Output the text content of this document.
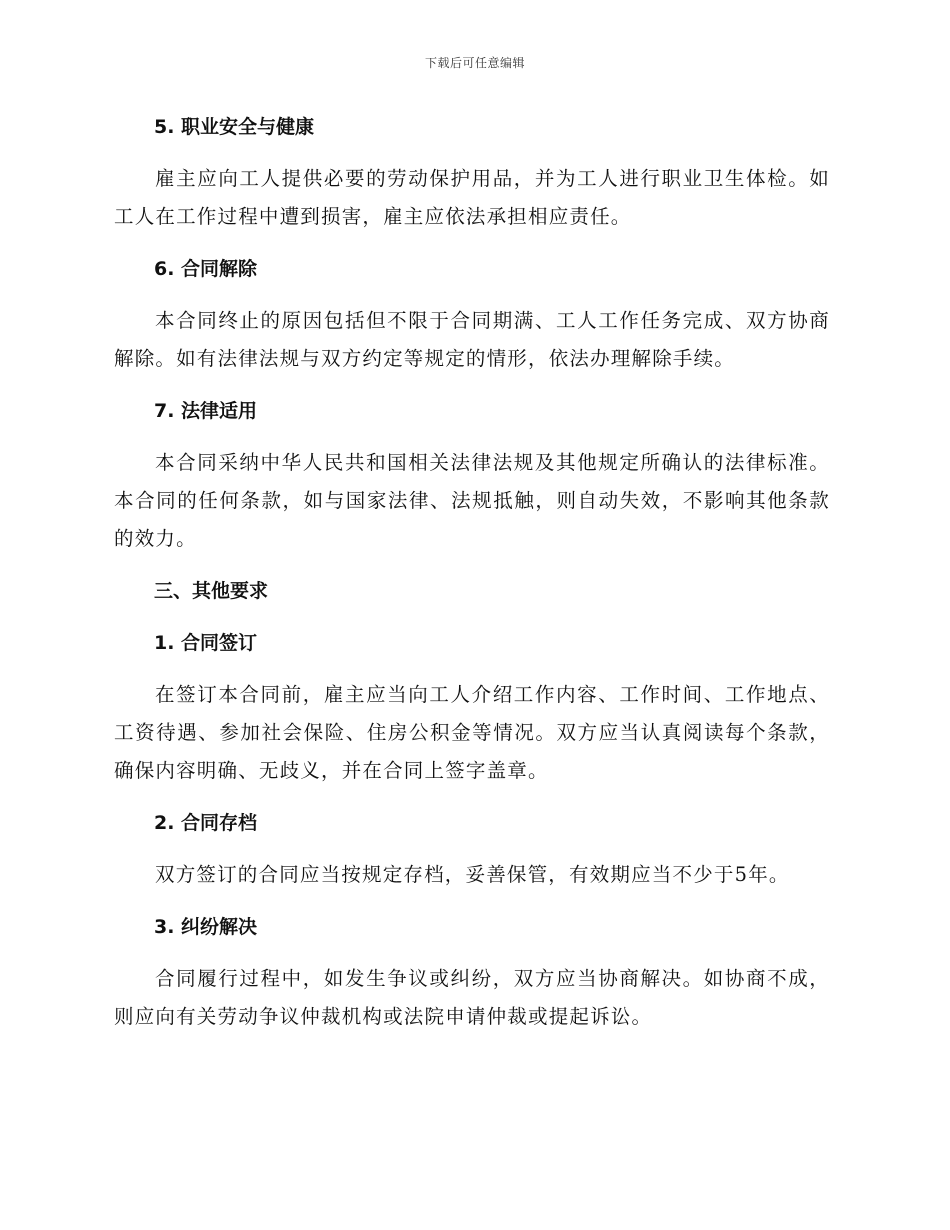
下载后可任意编辑

5. 职业安全与健康

雇主应向工人提供必要的劳动保护用品，并为工人进行职业卫生体检。如工人在工作过程中遭到损害，雇主应依法承担相应责任。

6. 合同解除

本合同终止的原因包括但不限于合同期满、工人工作任务完成、双方协商解除。如有法律法规与双方约定等规定的情形，依法办理解除手续。

7. 法律适用

本合同采纳中华人民共和国相关法律法规及其他规定所确认的法律标准。本合同的任何条款，如与国家法律、法规抵触，则自动失效，不影响其他条款的效力。

三、其他要求

1. 合同签订

在签订本合同前，雇主应当向工人介绍工作内容、工作时间、工作地点、工资待遇、参加社会保险、住房公积金等情况。双方应当认真阅读每个条款，确保内容明确、无歧义，并在合同上签字盖章。

2. 合同存档

双方签订的合同应当按规定存档，妥善保管，有效期应当不少于5年。

3. 纠纷解决

合同履行过程中，如发生争议或纠纷，双方应当协商解决。如协商不成，则应向有关劳动争议仲裁机构或法院申请仲裁或提起诉讼。
